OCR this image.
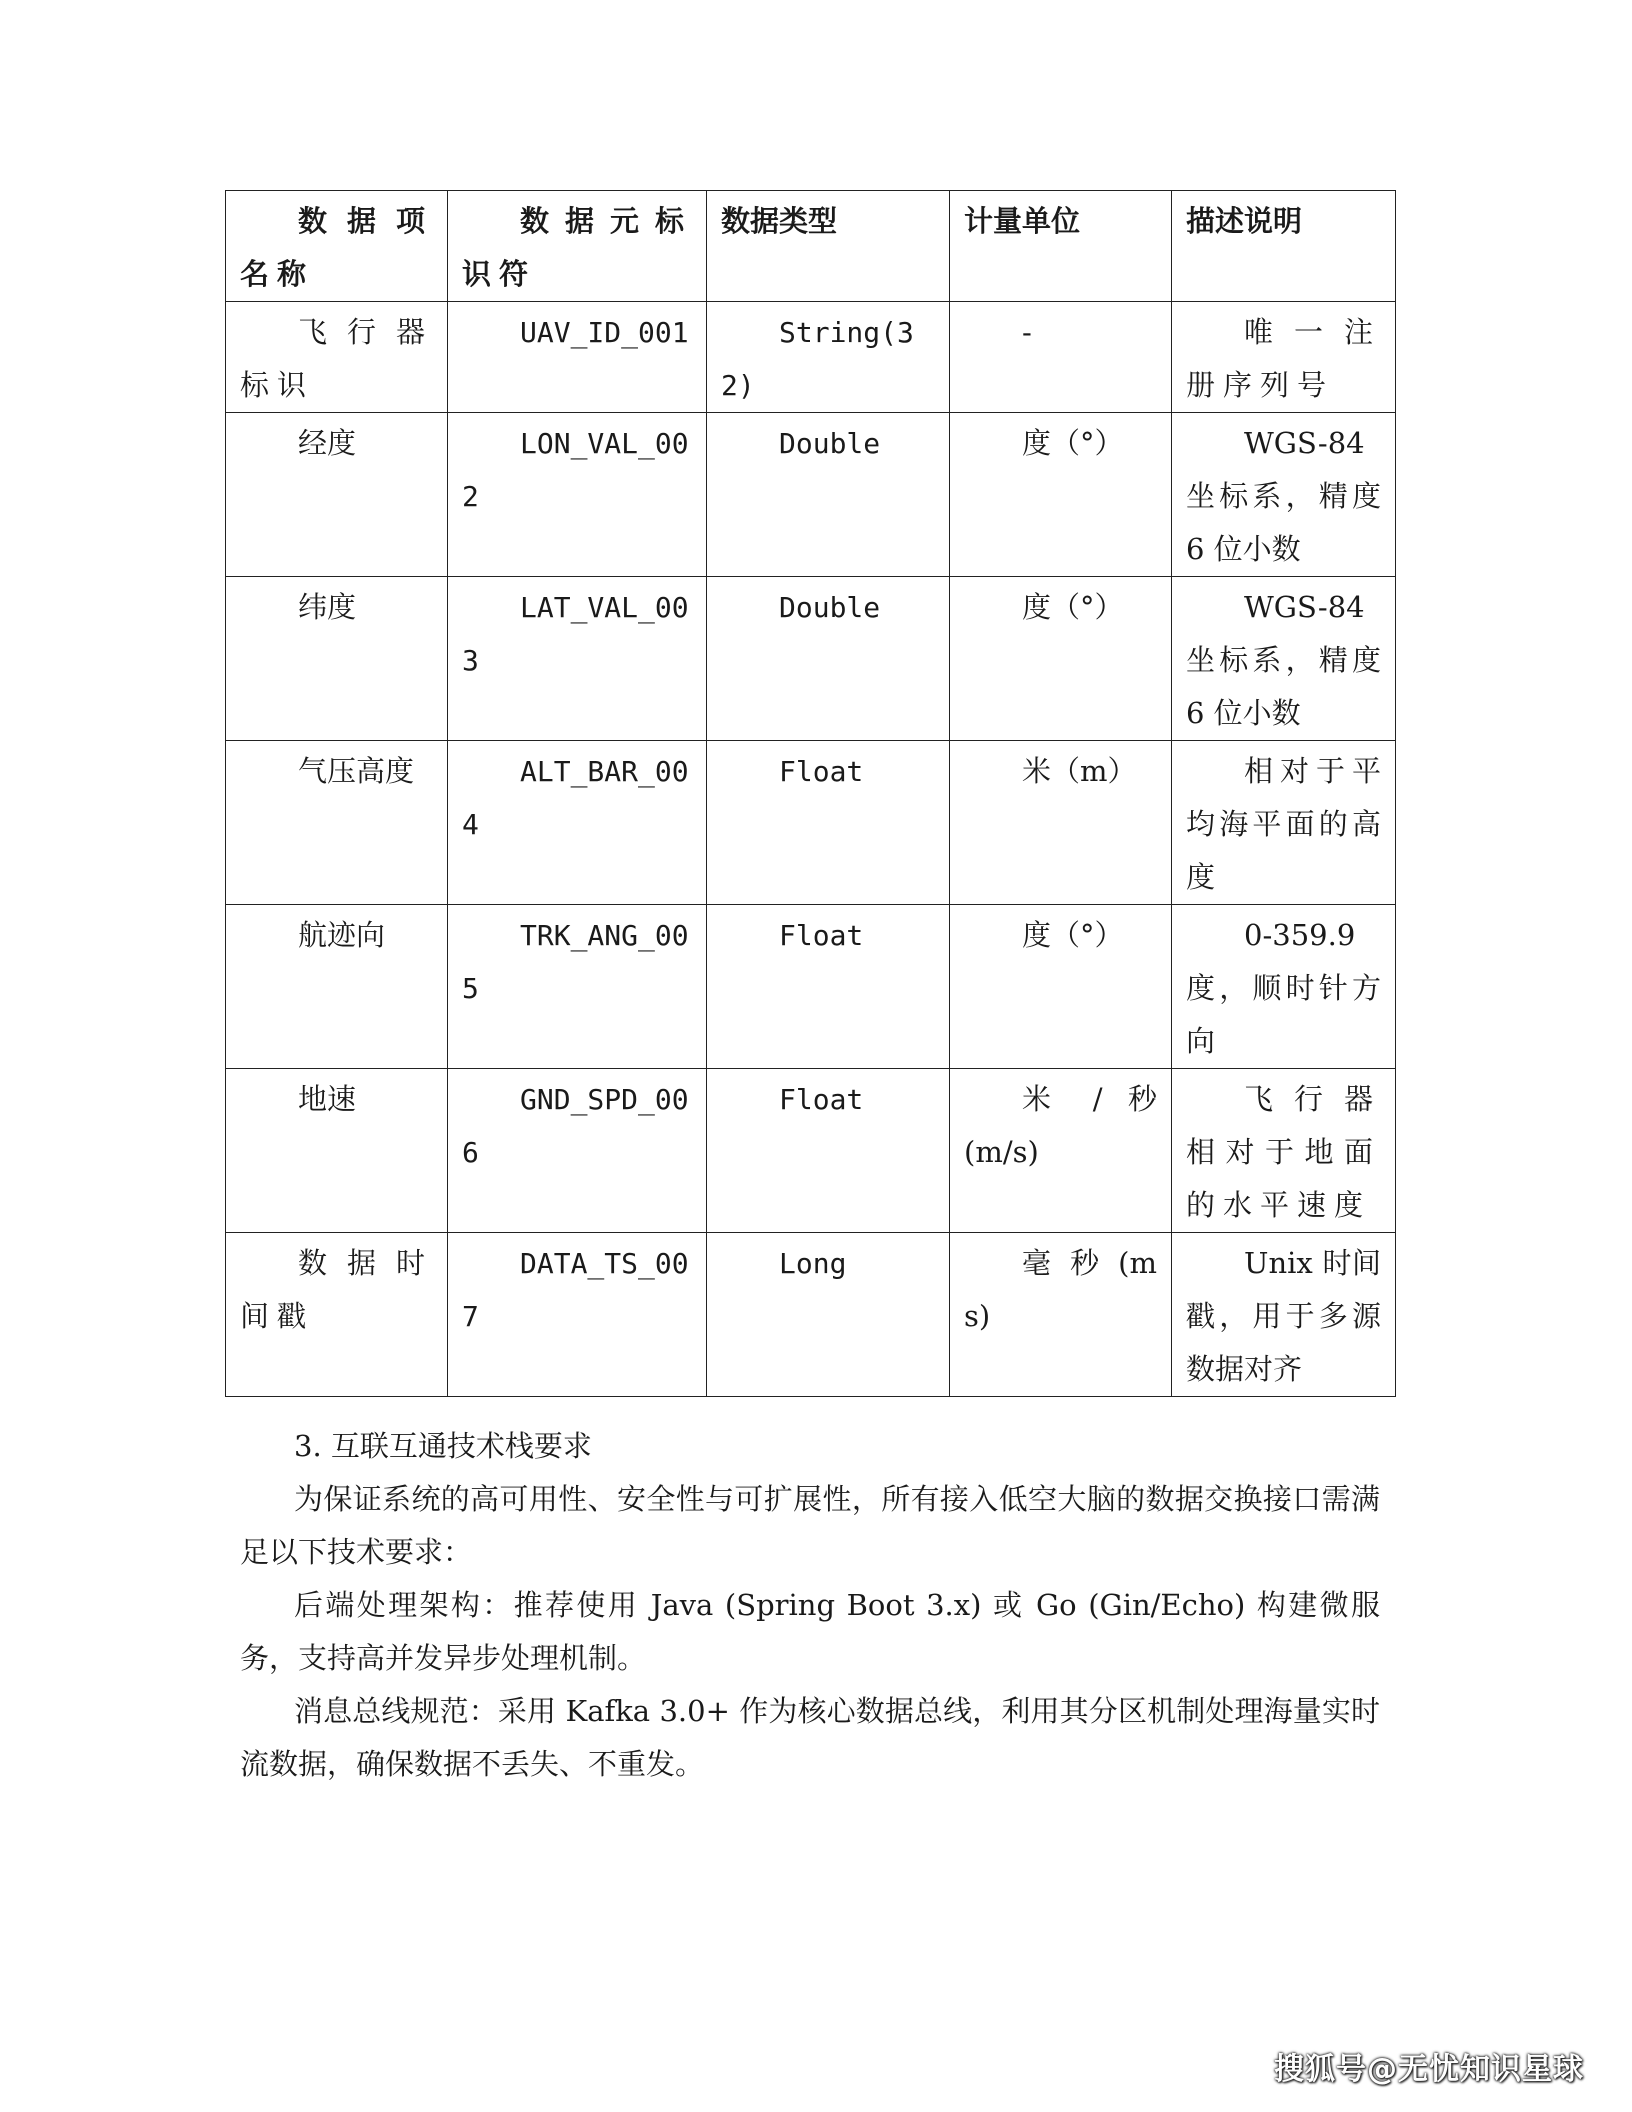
数据项名称	数据元标识符	数据类型	计量单位	描述说明
飞行器标识	UAV_ID_001	String(32)	-	唯一注册序列号
经度	LON_VAL_002	Double	度（°）	WGS-84 坐标系，精度 6 位小数
纬度	LAT_VAL_003	Double	度（°）	WGS-84 坐标系，精度 6 位小数
气压高度	ALT_BAR_004	Float	米（m）	相对于平均海平面的高度
航迹向	TRK_ANG_005	Float	度（°）	0-359.9 度，顺时针方向
地速	GND_SPD_006	Float	米 / 秒 (m/s)	飞行器相对于地面的水平速度
数据时间戳	DATA_TS_007	Long	毫 秒 (ms)	Unix 时间戳，用于多源数据对齐

3. 互联互通技术栈要求

为保证系统的高可用性、安全性与可扩展性，所有接入低空大脑的数据交换接口需满足以下技术要求：

后端处理架构：推荐使用 Java (Spring Boot 3.x) 或 Go (Gin/Echo) 构建微服务，支持高并发异步处理机制。

消息总线规范：采用 Kafka 3.0+ 作为核心数据总线，利用其分区机制处理海量实时流数据，确保数据不丢失、不重发。

搜狐号@无忧知识星球
